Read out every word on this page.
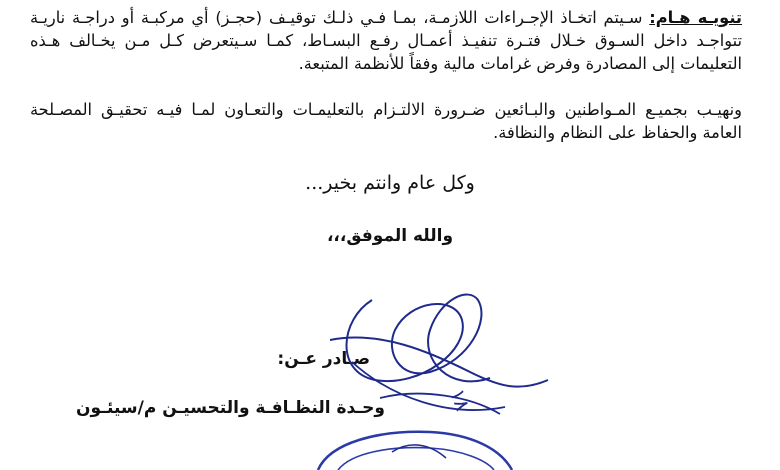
تنويـه هـام: سـيتم اتخـاذ الإجـراءات اللازمـة، بمـا فـي ذلـك توقيـف (حجـز) أي مركبـة أو دراجـة ناريـة تتواجـد داخل السـوق خـلال فتـرة تنفيـذ أعمـال رفـع البسـاط، كمـا سـيتعرض كـل مـن يخـالف هـذه التعليمات إلى المصادرة وفرض غرامات مالية وفقاً للأنظمة المتبعة.

ونهيـب بجميـع المـواطنين والبـائعين ضـرورة الالتـزام بالتعليمـات والتعـاون لمـا فيـه تحقيـق المصـلحة العامة والحفاظ على النظام والنظافة.

وكل عام وانتم بخير...
والله الموفق،،،
صـادر عـن:
وحـدة النظـافـة والتحسيـن م/سيئـون	١٨
